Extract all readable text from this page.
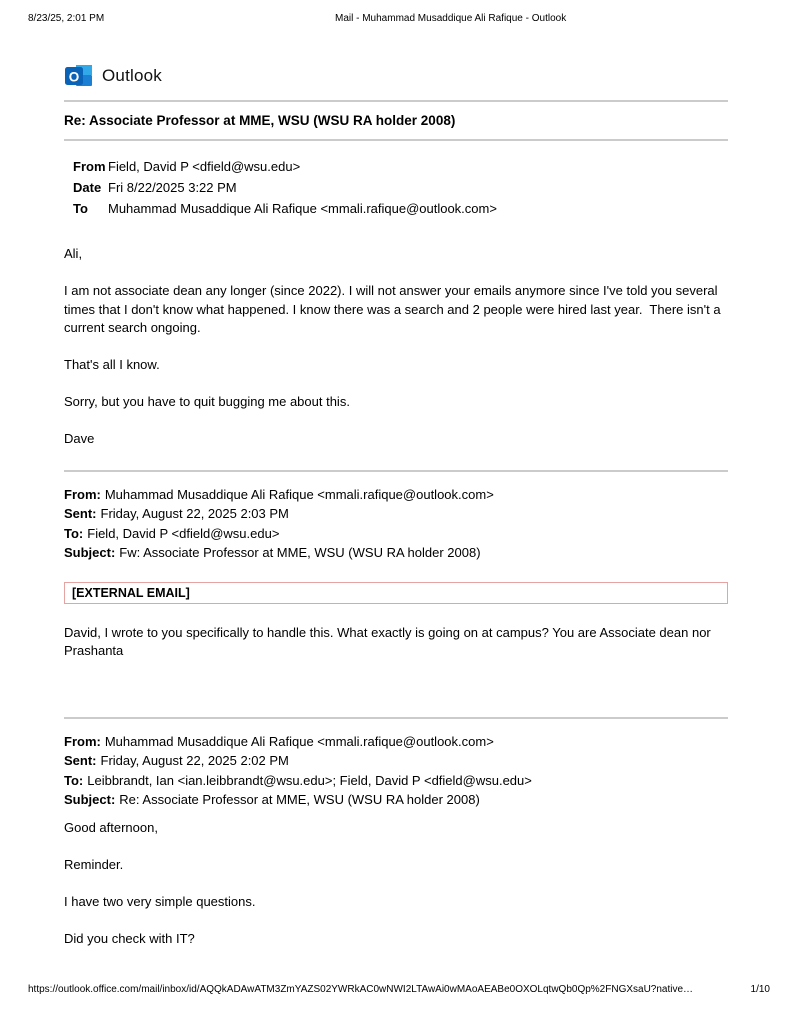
8/23/25, 2:01 PM	Mail - Muhammad Musaddique Ali Rafique - Outlook
O Outlook
Re: Associate Professor at MME, WSU (WSU RA holder 2008)
From Field, David P <dfield@wsu.edu>
Date Fri 8/22/2025 3:22 PM
To	Muhammad Musaddique Ali Rafique <mmali.rafique@outlook.com>

Ali,

I am not associate dean any longer (since 2022). I will not answer your emails anymore since I've told you several times that I don't know what happened. I know there was a search and 2 people were hired last year.  There isn't a current search ongoing.

That's all I know.

Sorry, but you have to quit bugging me about this.

Dave

From: Muhammad Musaddique Ali Rafique <mmali.rafique@outlook.com>
Sent: Friday, August 22, 2025 2:03 PM
To: Field, David P <dfield@wsu.edu>
Subject: Fw: Associate Professor at MME, WSU (WSU RA holder 2008)
[EXTERNAL EMAIL]
David, I wrote to you specifically to handle this. What exactly is going on at campus? You are Associate dean nor Prashanta
From: Muhammad Musaddique Ali Rafique <mmali.rafique@outlook.com>
Sent: Friday, August 22, 2025 2:02 PM
To: Leibbrandt, Ian <ian.leibbrandt@wsu.edu>; Field, David P <dfield@wsu.edu>
Subject: Re: Associate Professor at MME, WSU (WSU RA holder 2008)

Good afternoon,

Reminder.

I have two very simple questions.

Did you check with IT?

https://outlook.office.com/mail/inbox/id/AQQkADAwATM3ZmYAZS02YWRkAC0wNWI2LTAwAi0wMAoAEABe0OXOLqtwQb0Qp%2FNGXsaU?native…	1/10
